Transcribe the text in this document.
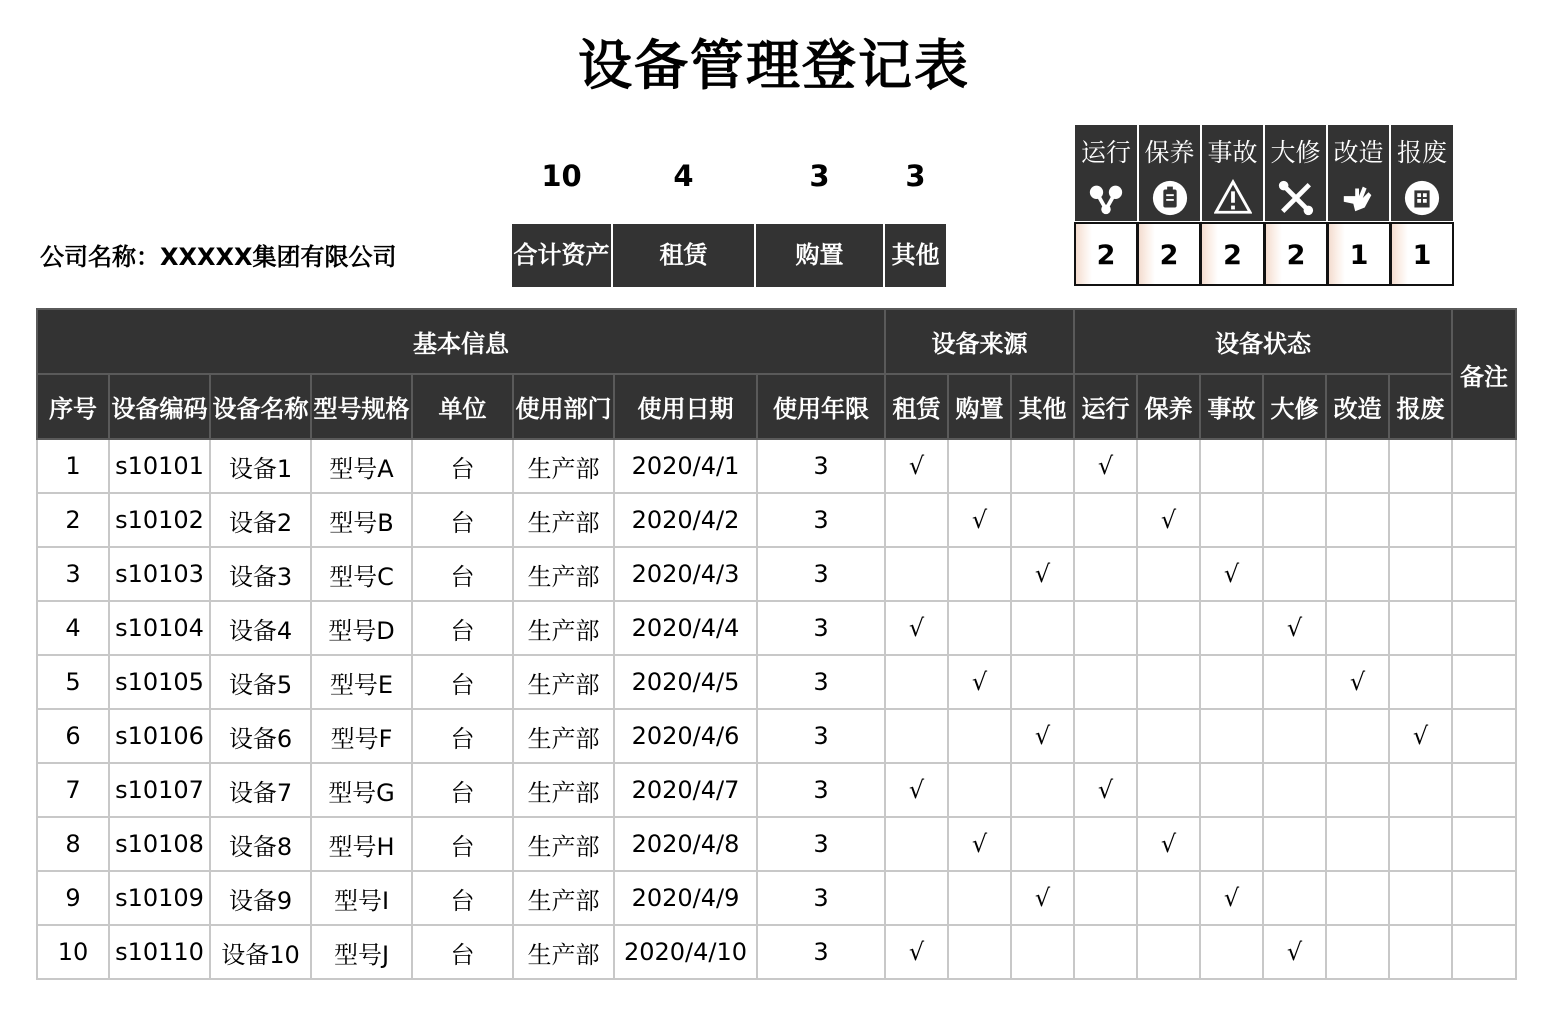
设备管理登记表
公司名称：XXXXX集团有限公司
10	4	3	3
合计资产	租赁	购置	其他
运行 保养 事故 大修 改造 报废
2	2	2	2	1	1
基本信息								设备来源			设备状态						备注
序号	设备编码	设备名称	型号规格	单位	使用部门	使用日期	使用年限	租赁	购置	其他	运行	保养	事故	大修	改造	报废	
1	s10101	设备1	型号A	台	生产部	2020/4/1	3	√			√						
2	s10102	设备2	型号B	台	生产部	2020/4/2	3		√			√					
3	s10103	设备3	型号C	台	生产部	2020/4/3	3			√			√				
4	s10104	设备4	型号D	台	生产部	2020/4/4	3	√						√			
5	s10105	设备5	型号E	台	生产部	2020/4/5	3		√						√		
6	s10106	设备6	型号F	台	生产部	2020/4/6	3			√						√	
7	s10107	设备7	型号G	台	生产部	2020/4/7	3	√			√						
8	s10108	设备8	型号H	台	生产部	2020/4/8	3		√			√					
9	s10109	设备9	型号I	台	生产部	2020/4/9	3			√			√				
10	s10110	设备10	型号J	台	生产部	2020/4/10	3	√						√			
